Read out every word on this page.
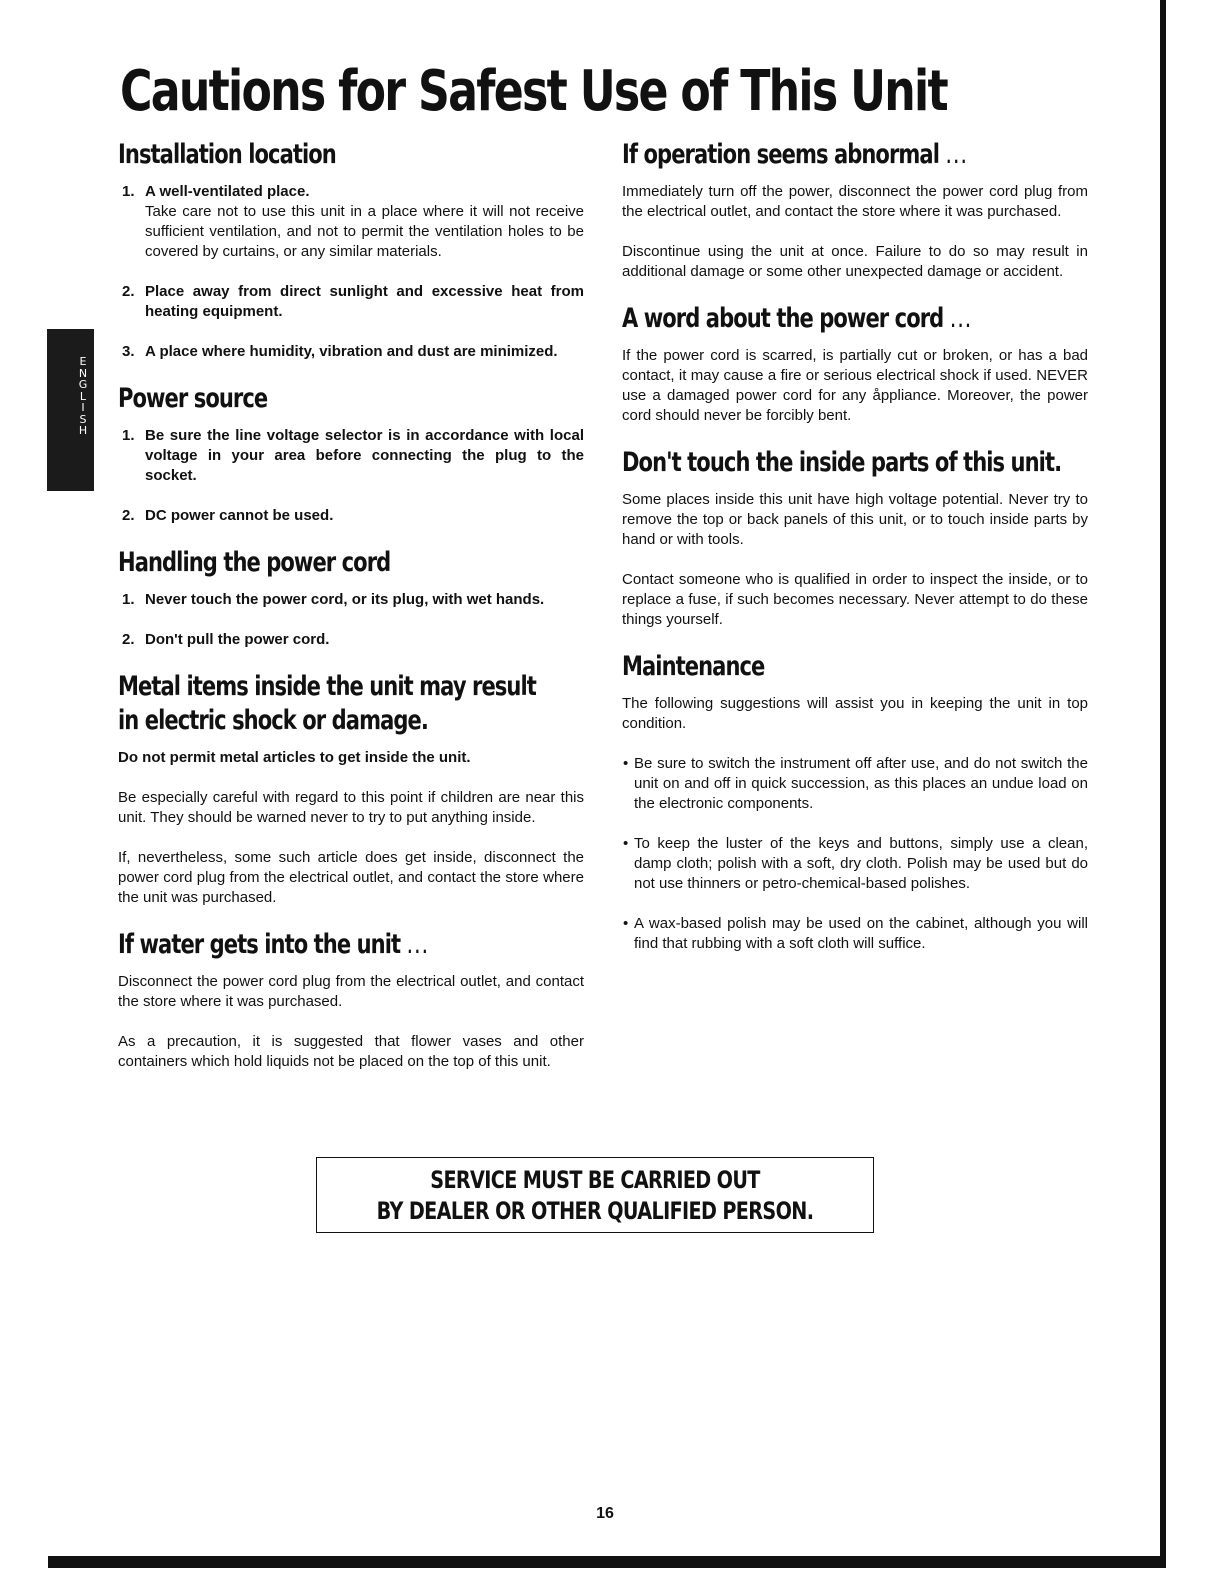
E
N
G
L
I
S
H
Cautions for Safest Use of This Unit
Installation location
1. A well-ventilated place.
Take care not to use this unit in a place where it will not receive sufficient ventilation, and not to permit the ventilation holes to be covered by curtains, or any similar materials.
2. Place away from direct sunlight and excessive heat from heating equipment.
3. A place where humidity, vibration and dust are minimized.
Power source
1. Be sure the line voltage selector is in accordance with local voltage in your area before connecting the plug to the socket.
2. DC power cannot be used.
Handling the power cord
1. Never touch the power cord, or its plug, with wet hands.
2. Don't pull the power cord.
Metal items inside the unit may result
in electric shock or damage.

Do not permit metal articles to get inside the unit.

Be especially careful with regard to this point if children are near this unit. They should be warned never to try to put anything inside.

If, nevertheless, some such article does get inside, disconnect the power cord plug from the electrical outlet, and contact the store where the unit was purchased.

If water gets into the unit ...

Disconnect the power cord plug from the electrical outlet, and contact the store where it was purchased.

As a precaution, it is suggested that flower vases and other containers which hold liquids not be placed on the top of this unit.

If operation seems abnormal ...

Immediately turn off the power, disconnect the power cord plug from the electrical outlet, and contact the store where it was purchased.

Discontinue using the unit at once. Failure to do so may result in additional damage or some other unexpected damage or accident.

A word about the power cord ...

If the power cord is scarred, is partially cut or broken, or has a bad contact, it may cause a fire or serious electrical shock if used. NEVER use a damaged power cord for any åppliance. Moreover, the power cord should never be forcibly bent.

Don't touch the inside parts of this unit.

Some places inside this unit have high voltage potential. Never try to remove the top or back panels of this unit, or to touch inside parts by hand or with tools.

Contact someone who is qualified in order to inspect the inside, or to replace a fuse, if such becomes necessary. Never attempt to do these things yourself.

Maintenance

The following suggestions will assist you in keeping the unit in top condition.

• Be sure to switch the instrument off after use, and do not switch the unit on and off in quick succession, as this places an undue load on the electronic components.
• To keep the luster of the keys and buttons, simply use a clean, damp cloth; polish with a soft, dry cloth. Polish may be used but do not use thinners or petro-chemical-based polishes.
• A wax-based polish may be used on the cabinet, although you will find that rubbing with a soft cloth will suffice.
SERVICE MUST BE CARRIED OUT
BY DEALER OR OTHER QUALIFIED PERSON.
16
